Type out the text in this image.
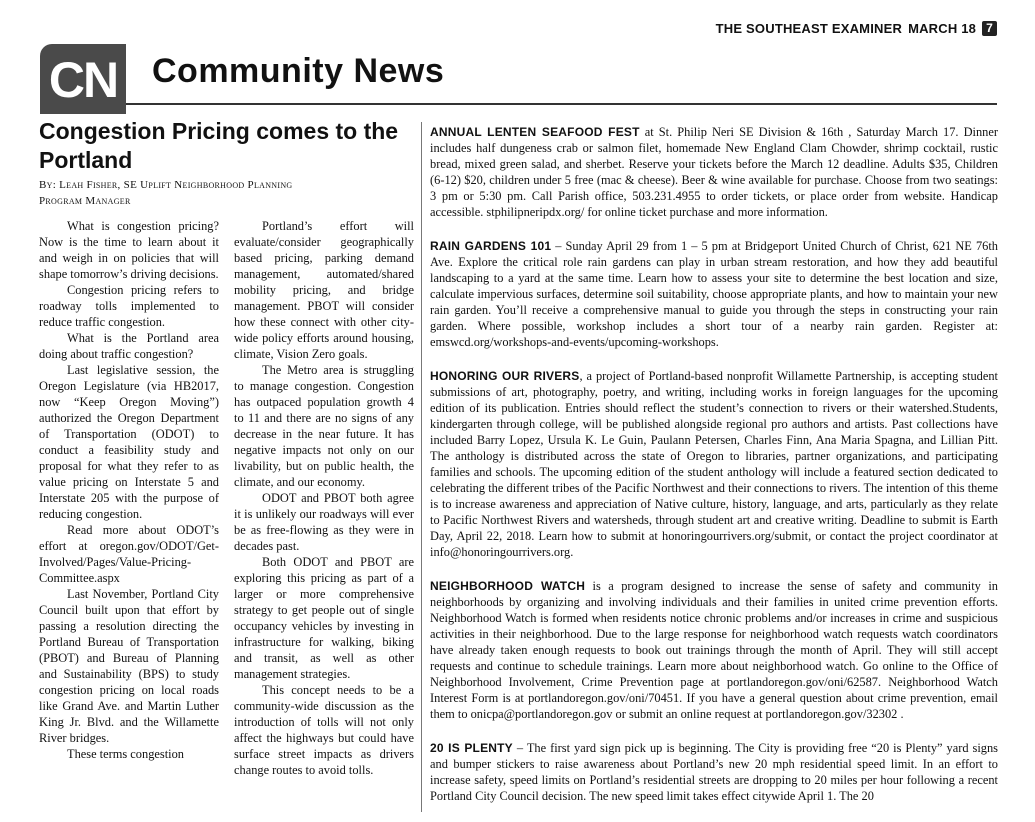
THE SOUTHEAST EXAMINER MARCH 18 7
CN Community News
Congestion Pricing comes to the
Portland
By: Leah Fisher, SE Uplift Neighborhood Planning
Program Manager

What is congestion pricing? Now is the time to learn about it and weigh in on policies that will shape tomorrow’s driving decisions.

Congestion pricing refers to roadway tolls implemented to reduce traffic congestion.

What is the Portland area doing about traffic congestion?

Last legislative session, the Oregon Legislature (via HB2017, now “Keep Oregon Moving”) authorized the Oregon Department of Transportation (ODOT) to conduct a feasibility study and proposal for what they refer to as value pricing on Interstate 5 and Interstate 205 with the purpose of reducing congestion.

Read more about ODOT’s effort at oregon.gov/ODOT/Get-Involved/Pages/Value-Pricing-Committee.aspx

Last November, Portland City Council built upon that effort by passing a resolution directing the Portland Bureau of Transportation (PBOT) and Bureau of Planning and Sustainability (BPS) to study congestion pricing on local roads like Grand Ave. and Martin Luther King Jr. Blvd. and the Willamette River bridges.

These terms congestion

Portland’s effort will evaluate/consider geographically based pricing, parking demand management, automated/shared mobility pricing, and bridge management. PBOT will consider how these connect with other city-wide policy efforts around housing, climate, Vision Zero goals.

The Metro area is struggling to manage congestion. Congestion has outpaced population growth 4 to 11 and there are no signs of any decrease in the near future. It has negative impacts not only on our livability, but on public health, the climate, and our economy.

ODOT and PBOT both agree it is unlikely our roadways will ever be as free-flowing as they were in decades past.

Both ODOT and PBOT are exploring this pricing as part of a larger or more comprehensive strategy to get people out of single occupancy vehicles by investing in infrastructure for walking, biking and transit, as well as other management strategies.

This concept needs to be a community-wide discussion as the introduction of tolls will not only affect the highways but could have surface street impacts as drivers change routes to avoid tolls.

ANNUAL LENTEN SEAFOOD FEST at St. Philip Neri SE Division & 16th , Saturday March 17. Dinner includes half dungeness crab or salmon filet, homemade New England Clam Chowder, shrimp cocktail, rustic bread, mixed green salad, and sherbet. Reserve your tickets before the March 12 deadline. Adults $35, Children (6-12) $20, children under 5 free (mac & cheese). Beer & wine available for purchase. Choose from two seatings: 3 pm or 5:30 pm. Call Parish office, 503.231.4955 to order tickets, or place order from website. Handicap accessible. stphilipneripdx.org/ for online ticket purchase and more information.

RAIN GARDENS 101 – Sunday April 29 from 1 – 5 pm at Bridgeport United Church of Christ, 621 NE 76th Ave. Explore the critical role rain gardens can play in urban stream restoration, and how they add beautiful landscaping to a yard at the same time. Learn how to assess your site to determine the best location and size, calculate impervious surfaces, determine soil suitability, choose appropriate plants, and how to maintain your new rain garden. You’ll receive a comprehensive manual to guide you through the steps in constructing your rain garden. Where possible, workshop includes a short tour of a nearby rain garden. Register at: emswcd.org/workshops-and-events/upcoming-workshops.

HONORING OUR RIVERS, a project of Portland-based nonprofit Willamette Partnership, is accepting student submissions of art, photography, poetry, and writing, including works in foreign languages for the upcoming edition of its publication. Entries should reflect the student’s connection to rivers or their watershed.Students, kindergarten through college, will be published alongside regional pro authors and artists. Past collections have included Barry Lopez, Ursula K. Le Guin, Paulann Petersen, Charles Finn, Ana Maria Spagna, and Lillian Pitt. The anthology is distributed across the state of Oregon to libraries, partner organizations, and participating families and schools. The upcoming edition of the student anthology will include a featured section dedicated to celebrating the different tribes of the Pacific Northwest and their connections to rivers. The intention of this theme is to increase awareness and appreciation of Native culture, history, language, and arts, particularly as they relate to Pacific Northwest Rivers and watersheds, through student art and creative writing. Deadline to submit is Earth Day, April 22, 2018. Learn how to submit at honoringourrivers.org/submit, or contact the project coordinator at info@honoringourrivers.org.

NEIGHBORHOOD WATCH is a program designed to increase the sense of safety and community in neighborhoods by organizing and involving individuals and their families in united crime prevention efforts. Neighborhood Watch is formed when residents notice chronic problems and/or increases in crime and suspicious activities in their neighborhood. Due to the large response for neighborhood watch requests watch coordinators have already taken enough requests to book out trainings through the month of April. They will still accept requests and continue to schedule trainings. Learn more about neighborhood watch. Go online to the Office of Neighborhood Involvement, Crime Prevention page at portlandoregon.gov/oni/62587. Neighborhood Watch Interest Form is at portlandoregon.gov/oni/70451. If you have a general question about crime prevention, email them to onicpa@portlandoregon.gov or submit an online request at portlandoregon.gov/32302 .

20 IS PLENTY – The first yard sign pick up is beginning. The City is providing free “20 is Plenty” yard signs and bumper stickers to raise awareness about Portland’s new 20 mph residential speed limit. In an effort to increase safety, speed limits on Portland’s residential streets are dropping to 20 miles per hour following a recent Portland City Council decision. The new speed limit takes effect citywide April 1. The 20
